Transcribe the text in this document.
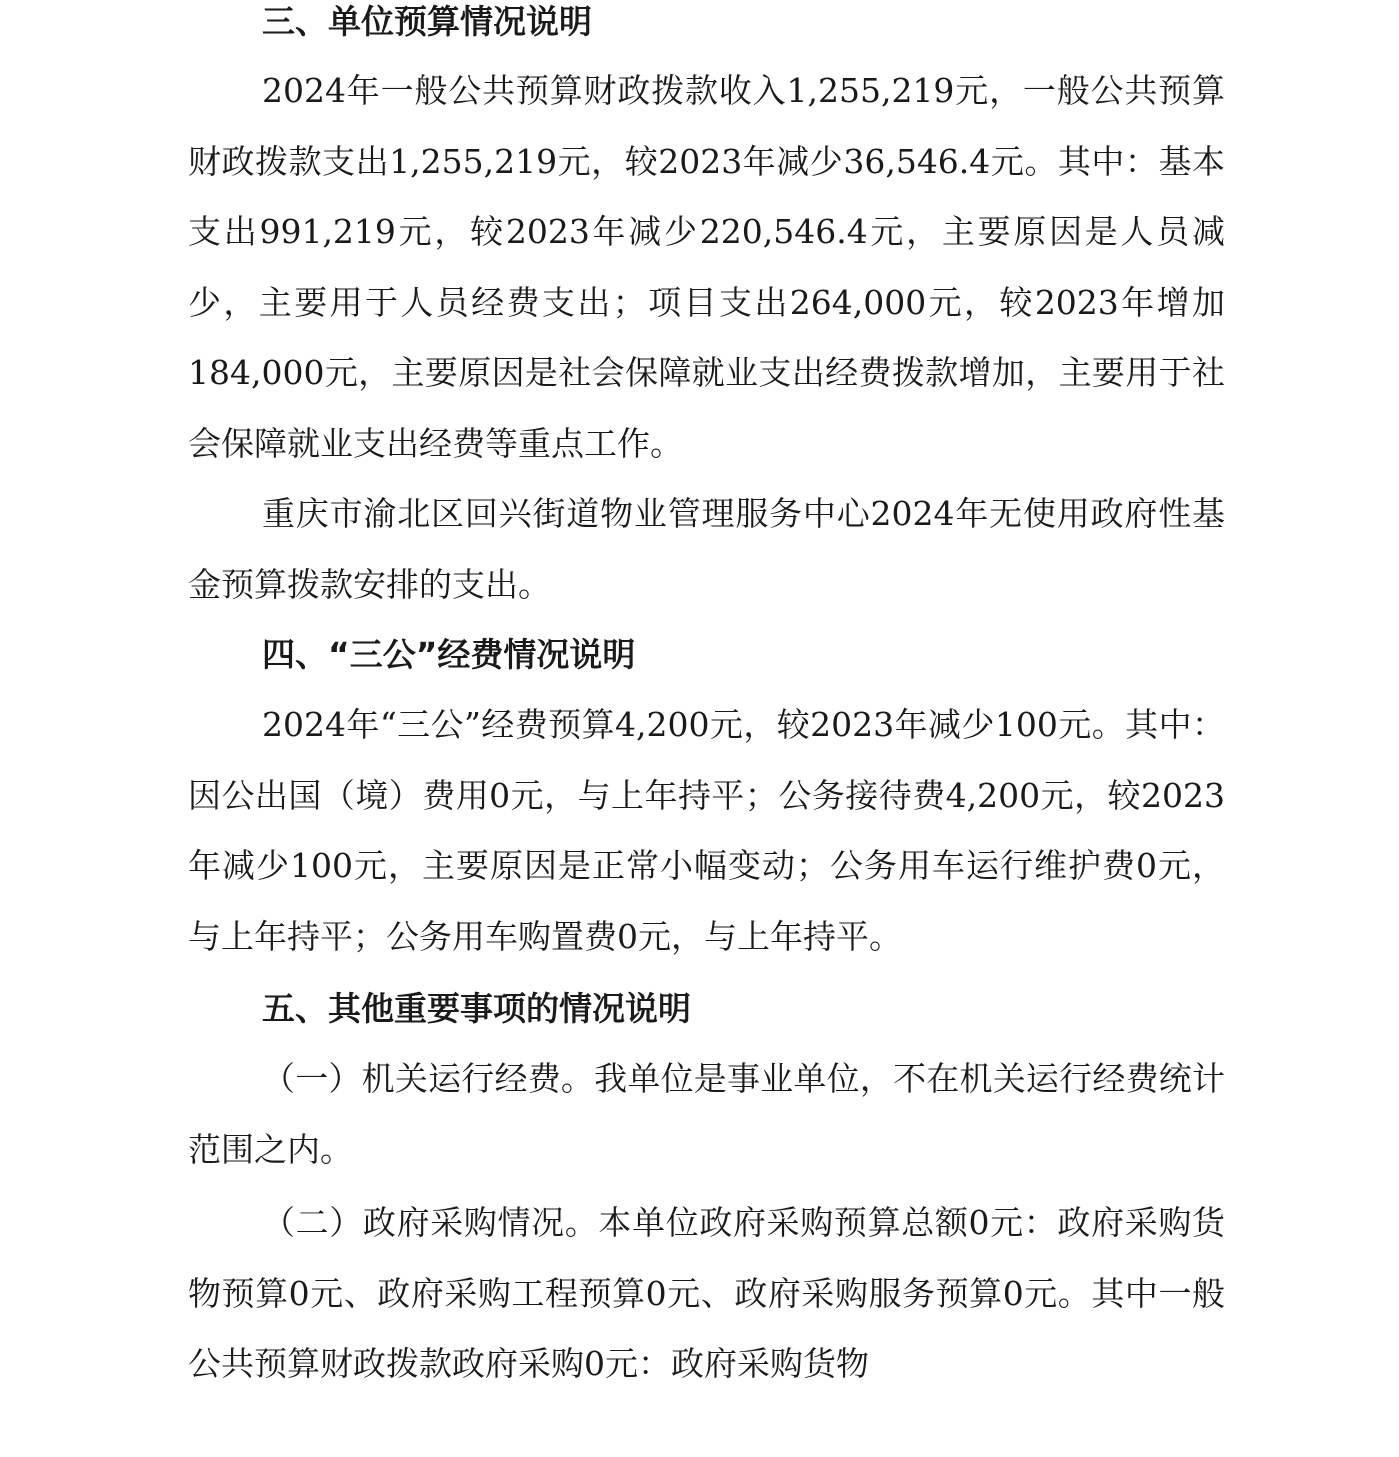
三、单位预算情况说明

2024年一般公共预算财政拨款收入1,255,219元，一般公共预算财政拨款支出1,255,219元，较2023年减少36,546.4元。其中：基本支出991,219元，较2023年减少220,546.4元，主要原因是人员减少，主要用于人员经费支出；项目支出264,000元，较2023年增加184,000元，主要原因是社会保障就业支出经费拨款增加，主要用于社会保障就业支出经费等重点工作。

重庆市渝北区回兴街道物业管理服务中心2024年无使用政府性基金预算拨款安排的支出。

四、“三公”经费情况说明

2024年“三公”经费预算4,200元，较2023年减少100元。其中：因公出国（境）费用0元，与上年持平；公务接待费4,200元，较2023年减少100元，主要原因是正常小幅变动；公务用车运行维护费0元，与上年持平；公务用车购置费0元，与上年持平。

五、其他重要事项的情况说明

（一）机关运行经费。我单位是事业单位，不在机关运行经费统计范围之内。

（二）政府采购情况。本单位政府采购预算总额0元：政府采购货物预算0元、政府采购工程预算0元、政府采购服务预算0元。其中一般公共预算财政拨款政府采购0元：政府采购货物
